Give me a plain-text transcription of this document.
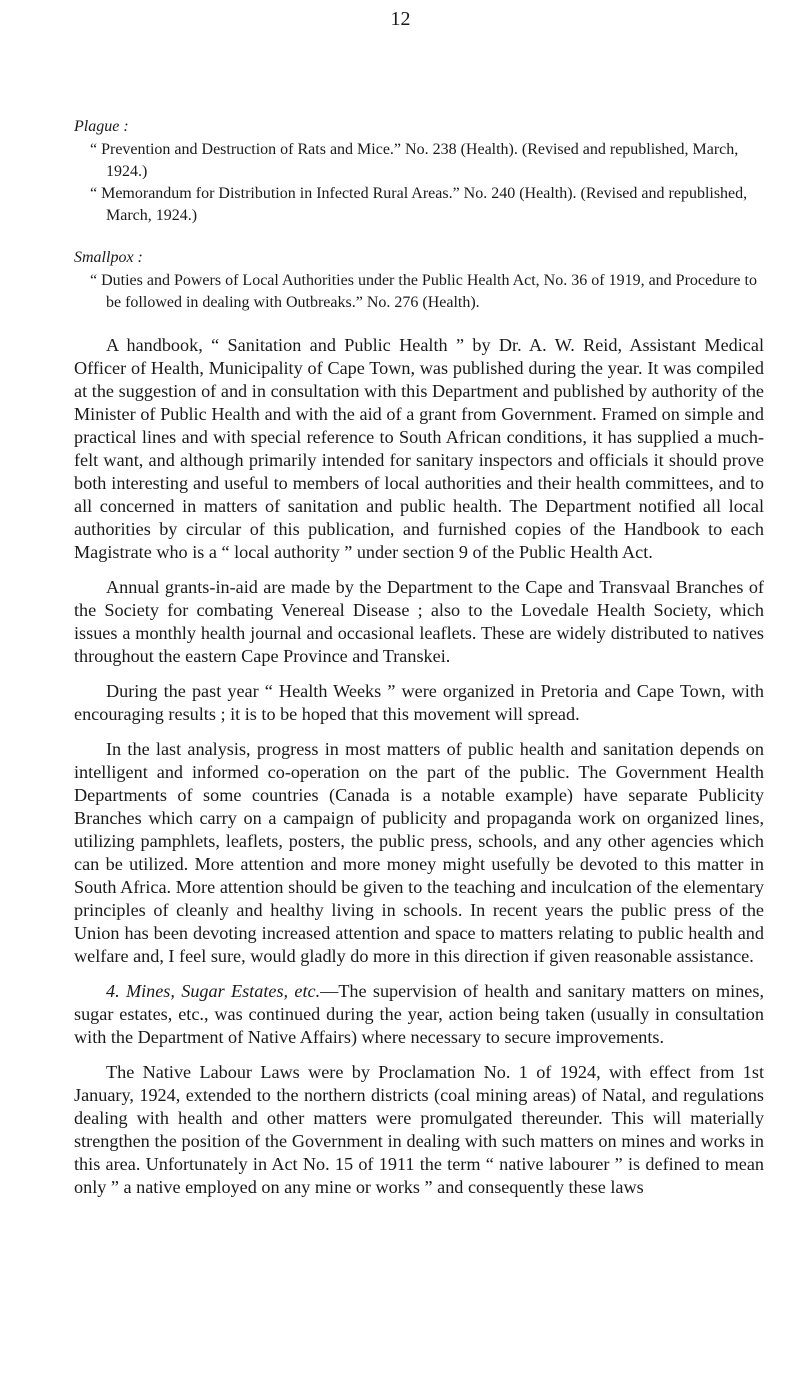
12

Plague :

“ Prevention and Destruction of Rats and Mice.” No. 238 (Health). (Revised and republished, March, 1924.)

“ Memorandum for Distribution in Infected Rural Areas.” No. 240 (Health). (Revised and republished, March, 1924.)

Smallpox :

“ Duties and Powers of Local Authorities under the Public Health Act, No. 36 of 1919, and Procedure to be followed in dealing with Outbreaks.” No. 276 (Health).

A handbook, “ Sanitation and Public Health ” by Dr. A. W. Reid, Assistant Medical Officer of Health, Municipality of Cape Town, was published during the year. It was compiled at the suggestion of and in consultation with this Department and published by authority of the Minister of Public Health and with the aid of a grant from Government. Framed on simple and practical lines and with special reference to South African conditions, it has supplied a much-felt want, and although primarily intended for sanitary inspectors and officials it should prove both interesting and useful to members of local authorities and their health committees, and to all concerned in matters of sanitation and public health. The Department notified all local authorities by circular of this publication, and furnished copies of the Handbook to each Magistrate who is a “ local authority ” under section 9 of the Public Health Act.

Annual grants-in-aid are made by the Department to the Cape and Transvaal Branches of the Society for combating Venereal Disease ; also to the Lovedale Health Society, which issues a monthly health journal and occasional leaflets. These are widely distributed to natives throughout the eastern Cape Province and Transkei.

During the past year “ Health Weeks ” were organized in Pretoria and Cape Town, with encouraging results ; it is to be hoped that this movement will spread.

In the last analysis, progress in most matters of public health and sanitation depends on intelligent and informed co-operation on the part of the public. The Government Health Departments of some countries (Canada is a notable example) have separate Publicity Branches which carry on a campaign of publicity and propaganda work on organized lines, utilizing pamphlets, leaflets, posters, the public press, schools, and any other agencies which can be utilized. More attention and more money might usefully be devoted to this matter in South Africa. More attention should be given to the teaching and inculcation of the elementary principles of cleanly and healthy living in schools. In recent years the public press of the Union has been devoting increased attention and space to matters relating to public health and welfare and, I feel sure, would gladly do more in this direction if given reasonable assistance.

4. Mines, Sugar Estates, etc.—The supervision of health and sanitary matters on mines, sugar estates, etc., was continued during the year, action being taken (usually in consultation with the Department of Native Affairs) where necessary to secure improvements.

The Native Labour Laws were by Proclamation No. 1 of 1924, with effect from 1st January, 1924, extended to the northern districts (coal mining areas) of Natal, and regulations dealing with health and other matters were promulgated thereunder. This will materially strengthen the position of the Government in dealing with such matters on mines and works in this area. Unfortunately in Act No. 15 of 1911 the term “ native labourer ” is defined to mean only ” a native employed on any mine or works ” and consequently these laws
